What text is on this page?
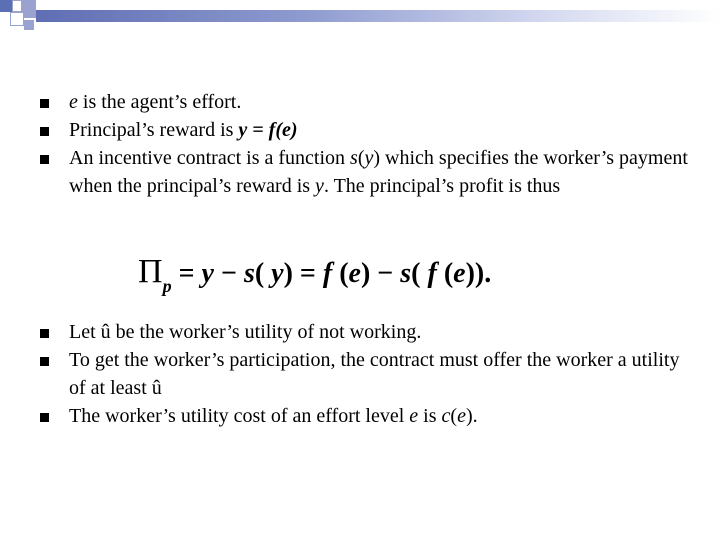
e is the agent’s effort.
Principal’s reward is y = f(e)
An incentive contract is a function s(y) which specifies the worker’s payment when the principal’s reward is y. The principal’s profit is thus
$\Pi_p = y - s$( y) = f (e) − s( f (e)).
Let û be the worker’s utility of not working.
To get the worker’s participation, the contract must offer the worker a utility of at least û
The worker’s utility cost of an effort level e is c(e).
